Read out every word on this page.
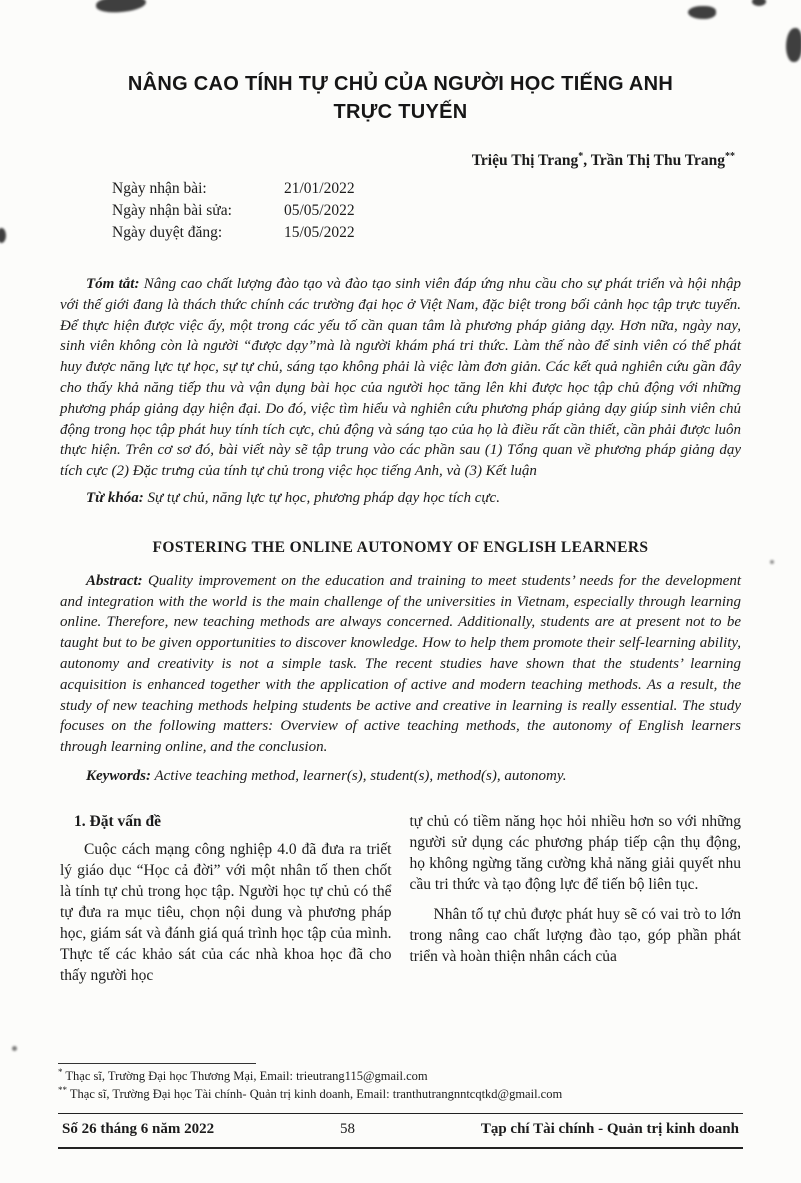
NÂNG CAO TÍNH TỰ CHỦ CỦA NGƯỜI HỌC TIẾNG ANH
TRỰC TUYẾN
Triệu Thị Trang*, Trần Thị Thu Trang**
Ngày nhận bài:	21/01/2022
Ngày nhận bài sửa:	05/05/2022
Ngày duyệt đăng:	15/05/2022

Tóm tắt: Nâng cao chất lượng đào tạo và đào tạo sinh viên đáp ứng nhu cầu cho sự phát triển và hội nhập với thế giới đang là thách thức chính các trường đại học ở Việt Nam, đặc biệt trong bối cảnh học tập trực tuyến. Để thực hiện được việc ấy, một trong các yếu tố cần quan tâm là phương pháp giảng dạy. Hơn nữa, ngày nay, sinh viên không còn là người “được dạy”mà là người khám phá tri thức. Làm thế nào để sinh viên có thể phát huy được năng lực tự học, sự tự chủ, sáng tạo không phải là việc làm đơn giản. Các kết quả nghiên cứu gần đây cho thấy khả năng tiếp thu và vận dụng bài học của người học tăng lên khi được học tập chủ động với những phương pháp giảng dạy hiện đại. Do đó, việc tìm hiểu và nghiên cứu phương pháp giảng dạy giúp sinh viên chủ động trong học tập phát huy tính tích cực, chủ động và sáng tạo của họ là điều rất cần thiết, cần phải được luôn thực hiện. Trên cơ sơ đó, bài viết này sẽ tập trung vào các phần sau (1) Tổng quan về phương pháp giảng dạy tích cực (2) Đặc trưng của tính tự chủ trong việc học tiếng Anh, và (3) Kết luận

Từ khóa: Sự tự chủ, năng lực tự học, phương pháp dạy học tích cực.

FOSTERING THE ONLINE AUTONOMY OF ENGLISH LEARNERS

Abstract: Quality improvement on the education and training to meet students’ needs for the development and integration with the world is the main challenge of the universities in Vietnam, especially through learning online. Therefore, new teaching methods are always concerned. Additionally, students are at present not to be taught but to be given opportunities to discover knowledge. How to help them promote their self-learning ability, autonomy and creativity is not a simple task. The recent studies have shown that the students’ learning acquisition is enhanced together with the application of active and modern teaching methods. As a result, the study of new teaching methods helping students be active and creative in learning is really essential. The study focuses on the following matters: Overview of active teaching methods, the autonomy of English learners through learning online, and the conclusion.

Keywords: Active teaching method, learner(s), student(s), method(s), autonomy.

1. Đặt vấn đề

Cuộc cách mạng công nghiệp 4.0 đã đưa ra triết lý giáo dục “Học cả đời” với một nhân tố then chốt là tính tự chủ trong học tập. Người học tự chủ có thể tự đưa ra mục tiêu, chọn nội dung và phương pháp học, giám sát và đánh giá quá trình học tập của mình. Thực tế các khảo sát của các nhà khoa học đã cho thấy người học

tự chủ có tiềm năng học hỏi nhiều hơn so với những người sử dụng các phương pháp tiếp cận thụ động, họ không ngừng tăng cường khả năng giải quyết nhu cầu tri thức và tạo động lực để tiến bộ liên tục.

Nhân tố tự chủ được phát huy sẽ có vai trò to lớn trong nâng cao chất lượng đào tạo, góp phần phát triển và hoàn thiện nhân cách của

* Thạc sĩ, Trường Đại học Thương Mại, Email: trieutrang115@gmail.com
** Thạc sĩ, Trường Đại học Tài chính- Quản trị kinh doanh, Email: tranthutrangnntcqtkd@gmail.com
Số 26 tháng 6 năm 2022	58	Tạp chí Tài chính - Quản trị kinh doanh
